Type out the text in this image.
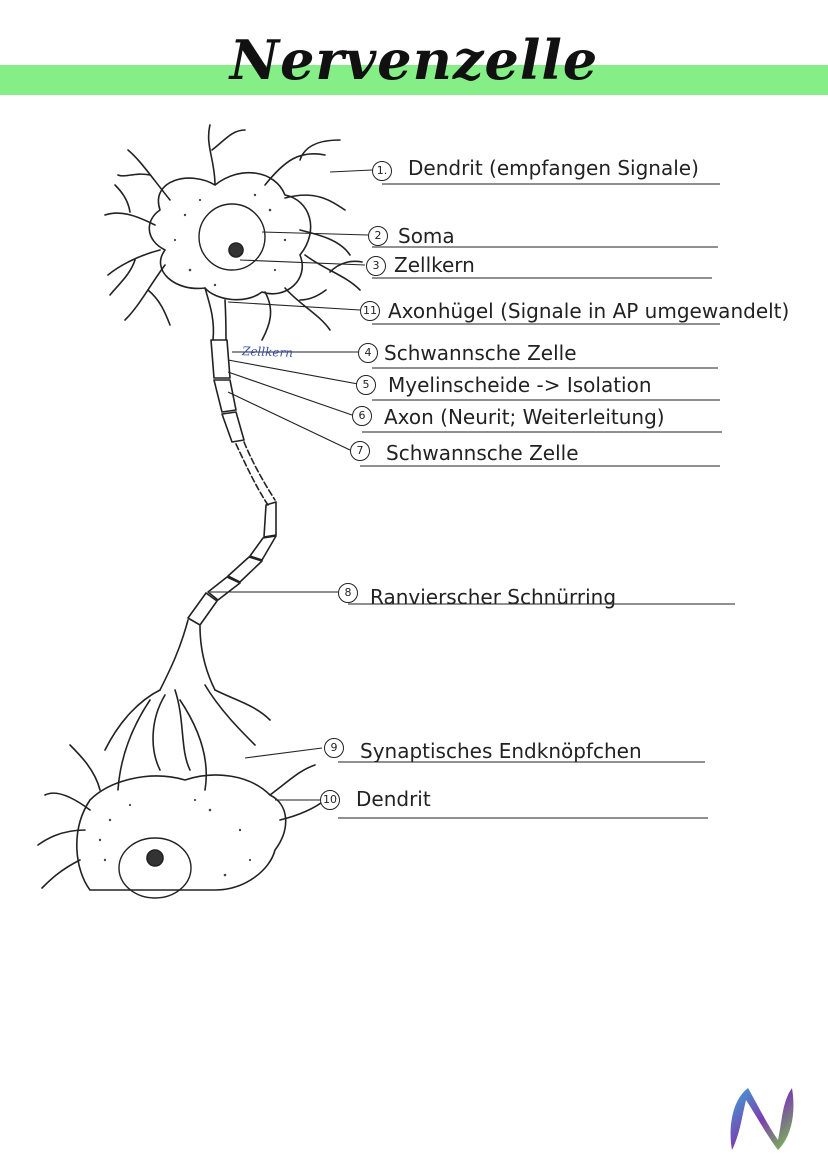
Nervenzelle
Zellkern
1. Dendrit (empfangen Signale)
2 Soma
3 Zellkern
11 Axonhügel (Signale in AP umgewandelt)
4 Schwannsche Zelle
5 Myelinscheide -> Isolation
6 Axon (Neurit; Weiterleitung)
7	Schwannsche Zelle
8 Ranvierscher Schnürring
9	Synaptisches Endknöpfchen
10 Dendrit
